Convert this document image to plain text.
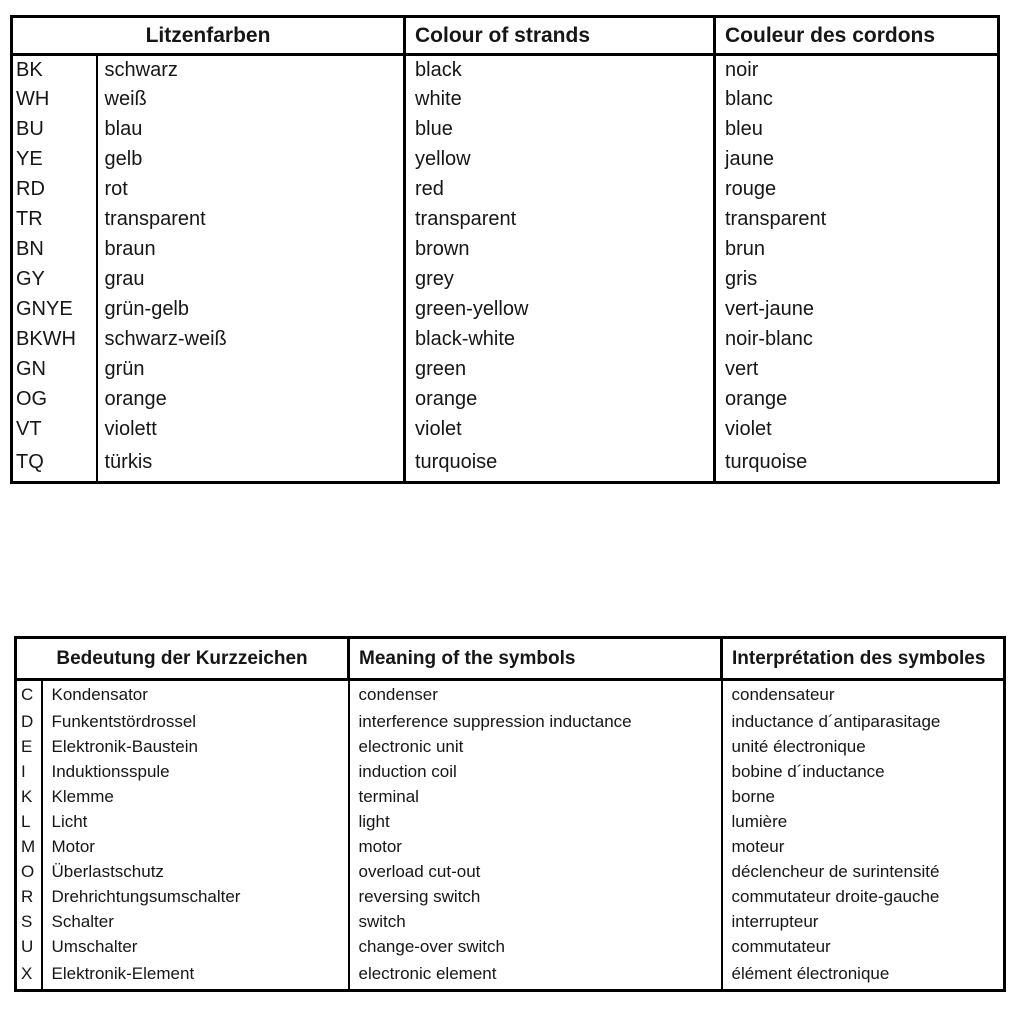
Litzenfarben		Colour of strands	Couleur des cordons
BK	schwarz	black	noir
WH	weiß	white	blanc
BU	blau	blue	bleu
YE	gelb	yellow	jaune
RD	rot	red	rouge
TR	transparent	transparent	transparent
BN	braun	brown	brun
GY	grau	grey	gris
GNYE	grün-gelb	green-yellow	vert-jaune
BKWH	schwarz-weiß	black-white	noir-blanc
GN	grün	green	vert
OG	orange	orange	orange
VT	violett	violet	violet
TQ	türkis	turquoise	turquoise
Bedeutung der Kurzzeichen		Meaning of the symbols	Interprétation des symboles
C	Kondensator	condenser	condensateur
D	Funkentstördrossel	interference suppression inductance	inductance d´antiparasitage
E	Elektronik-Baustein	electronic unit	unité électronique
I	Induktionsspule	induction coil	bobine d´inductance
K	Klemme	terminal	borne
L	Licht	light	lumière
M	Motor	motor	moteur
O	Überlastschutz	overload cut-out	déclencheur de surintensité
R	Drehrichtungsumschalter	reversing switch	commutateur droite-gauche
S	Schalter	switch	interrupteur
U	Umschalter	change-over switch	commutateur
X	Elektronik-Element	electronic element	élément électronique
